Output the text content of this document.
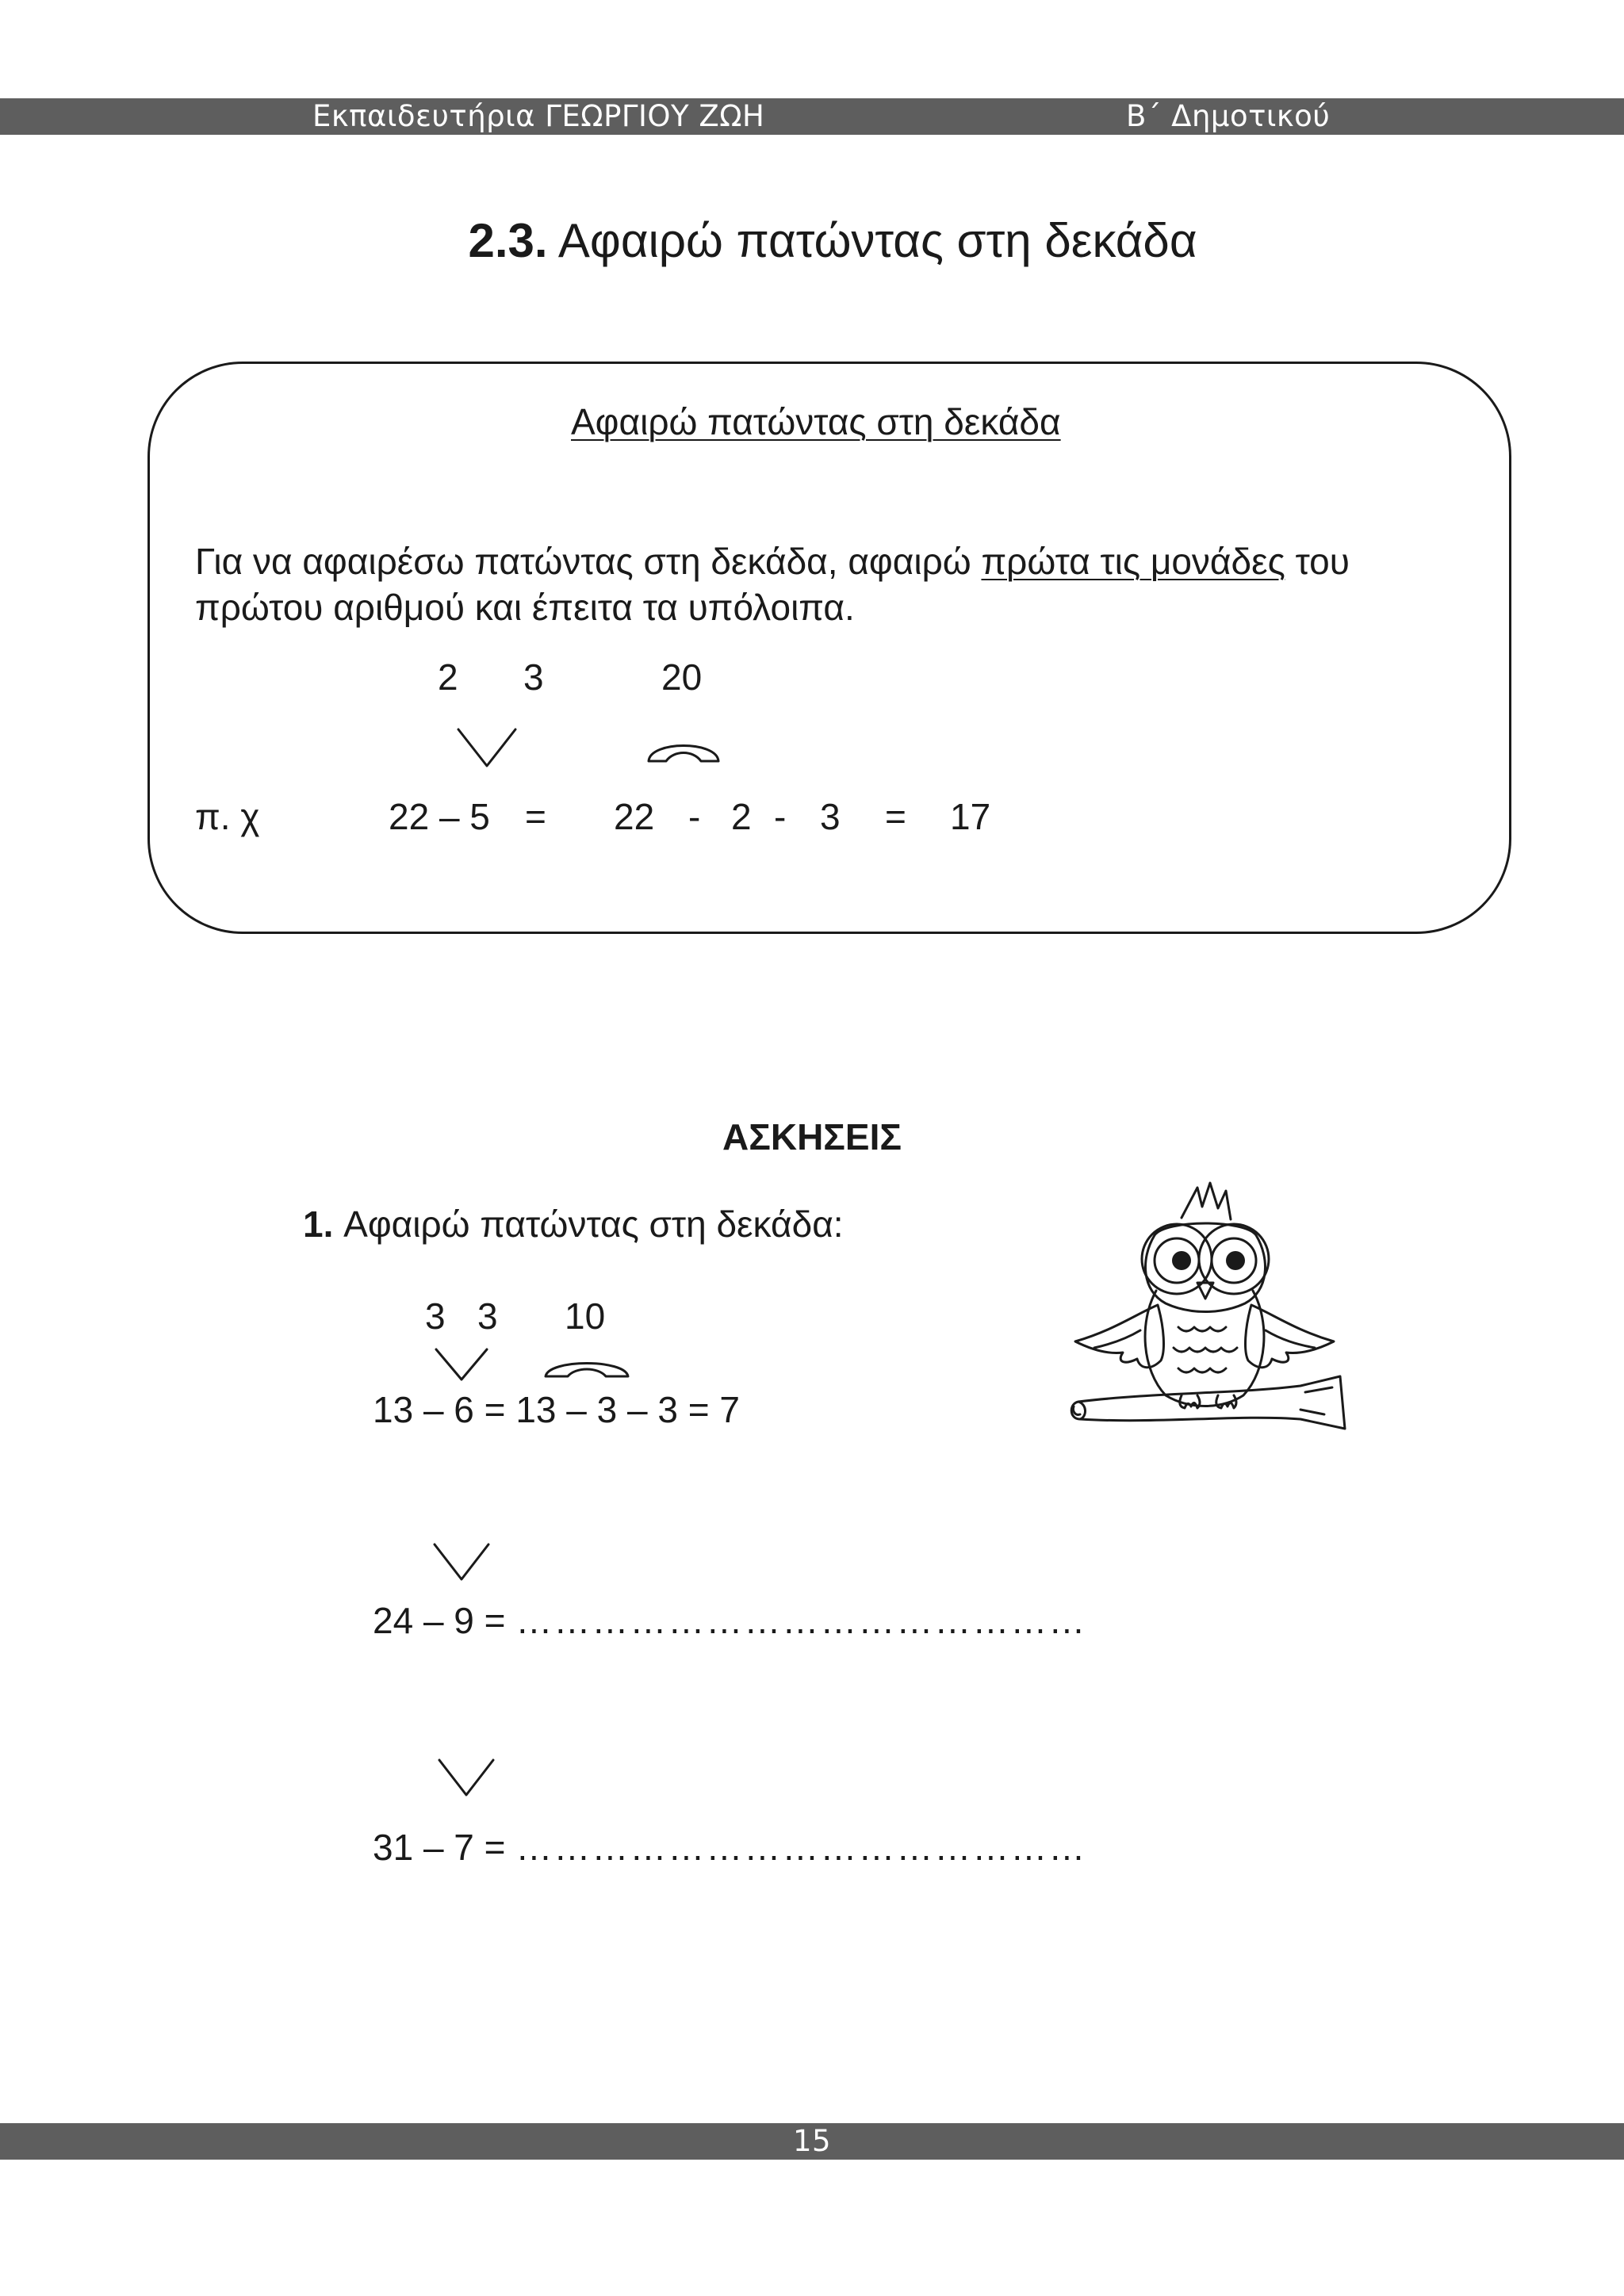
Εκπαιδευτήρια ΓΕΩΡΓΙΟΥ ΖΩΗ	Β΄ Δημοτικού
2.3. Αφαιρώ πατώντας στη δεκάδα
Αφαιρώ πατώντας στη δεκάδα
Για να αφαιρέσω πατώντας στη δεκάδα, αφαιρώ πρώτα τις μονάδες του
πρώτου αριθμού και έπειτα τα υπόλοιπα.
2 3	20
π. χ	22 – 5 = 22 - 2 - 3 = 17
ΑΣΚΗΣΕΙΣ
1. Αφαιρώ πατώντας στη δεκάδα:
3 3 10
13 – 6 = 13 – 3 – 3 = 7
24 – 9 = ………………………………………
31 – 7 = ………………………………………
15
